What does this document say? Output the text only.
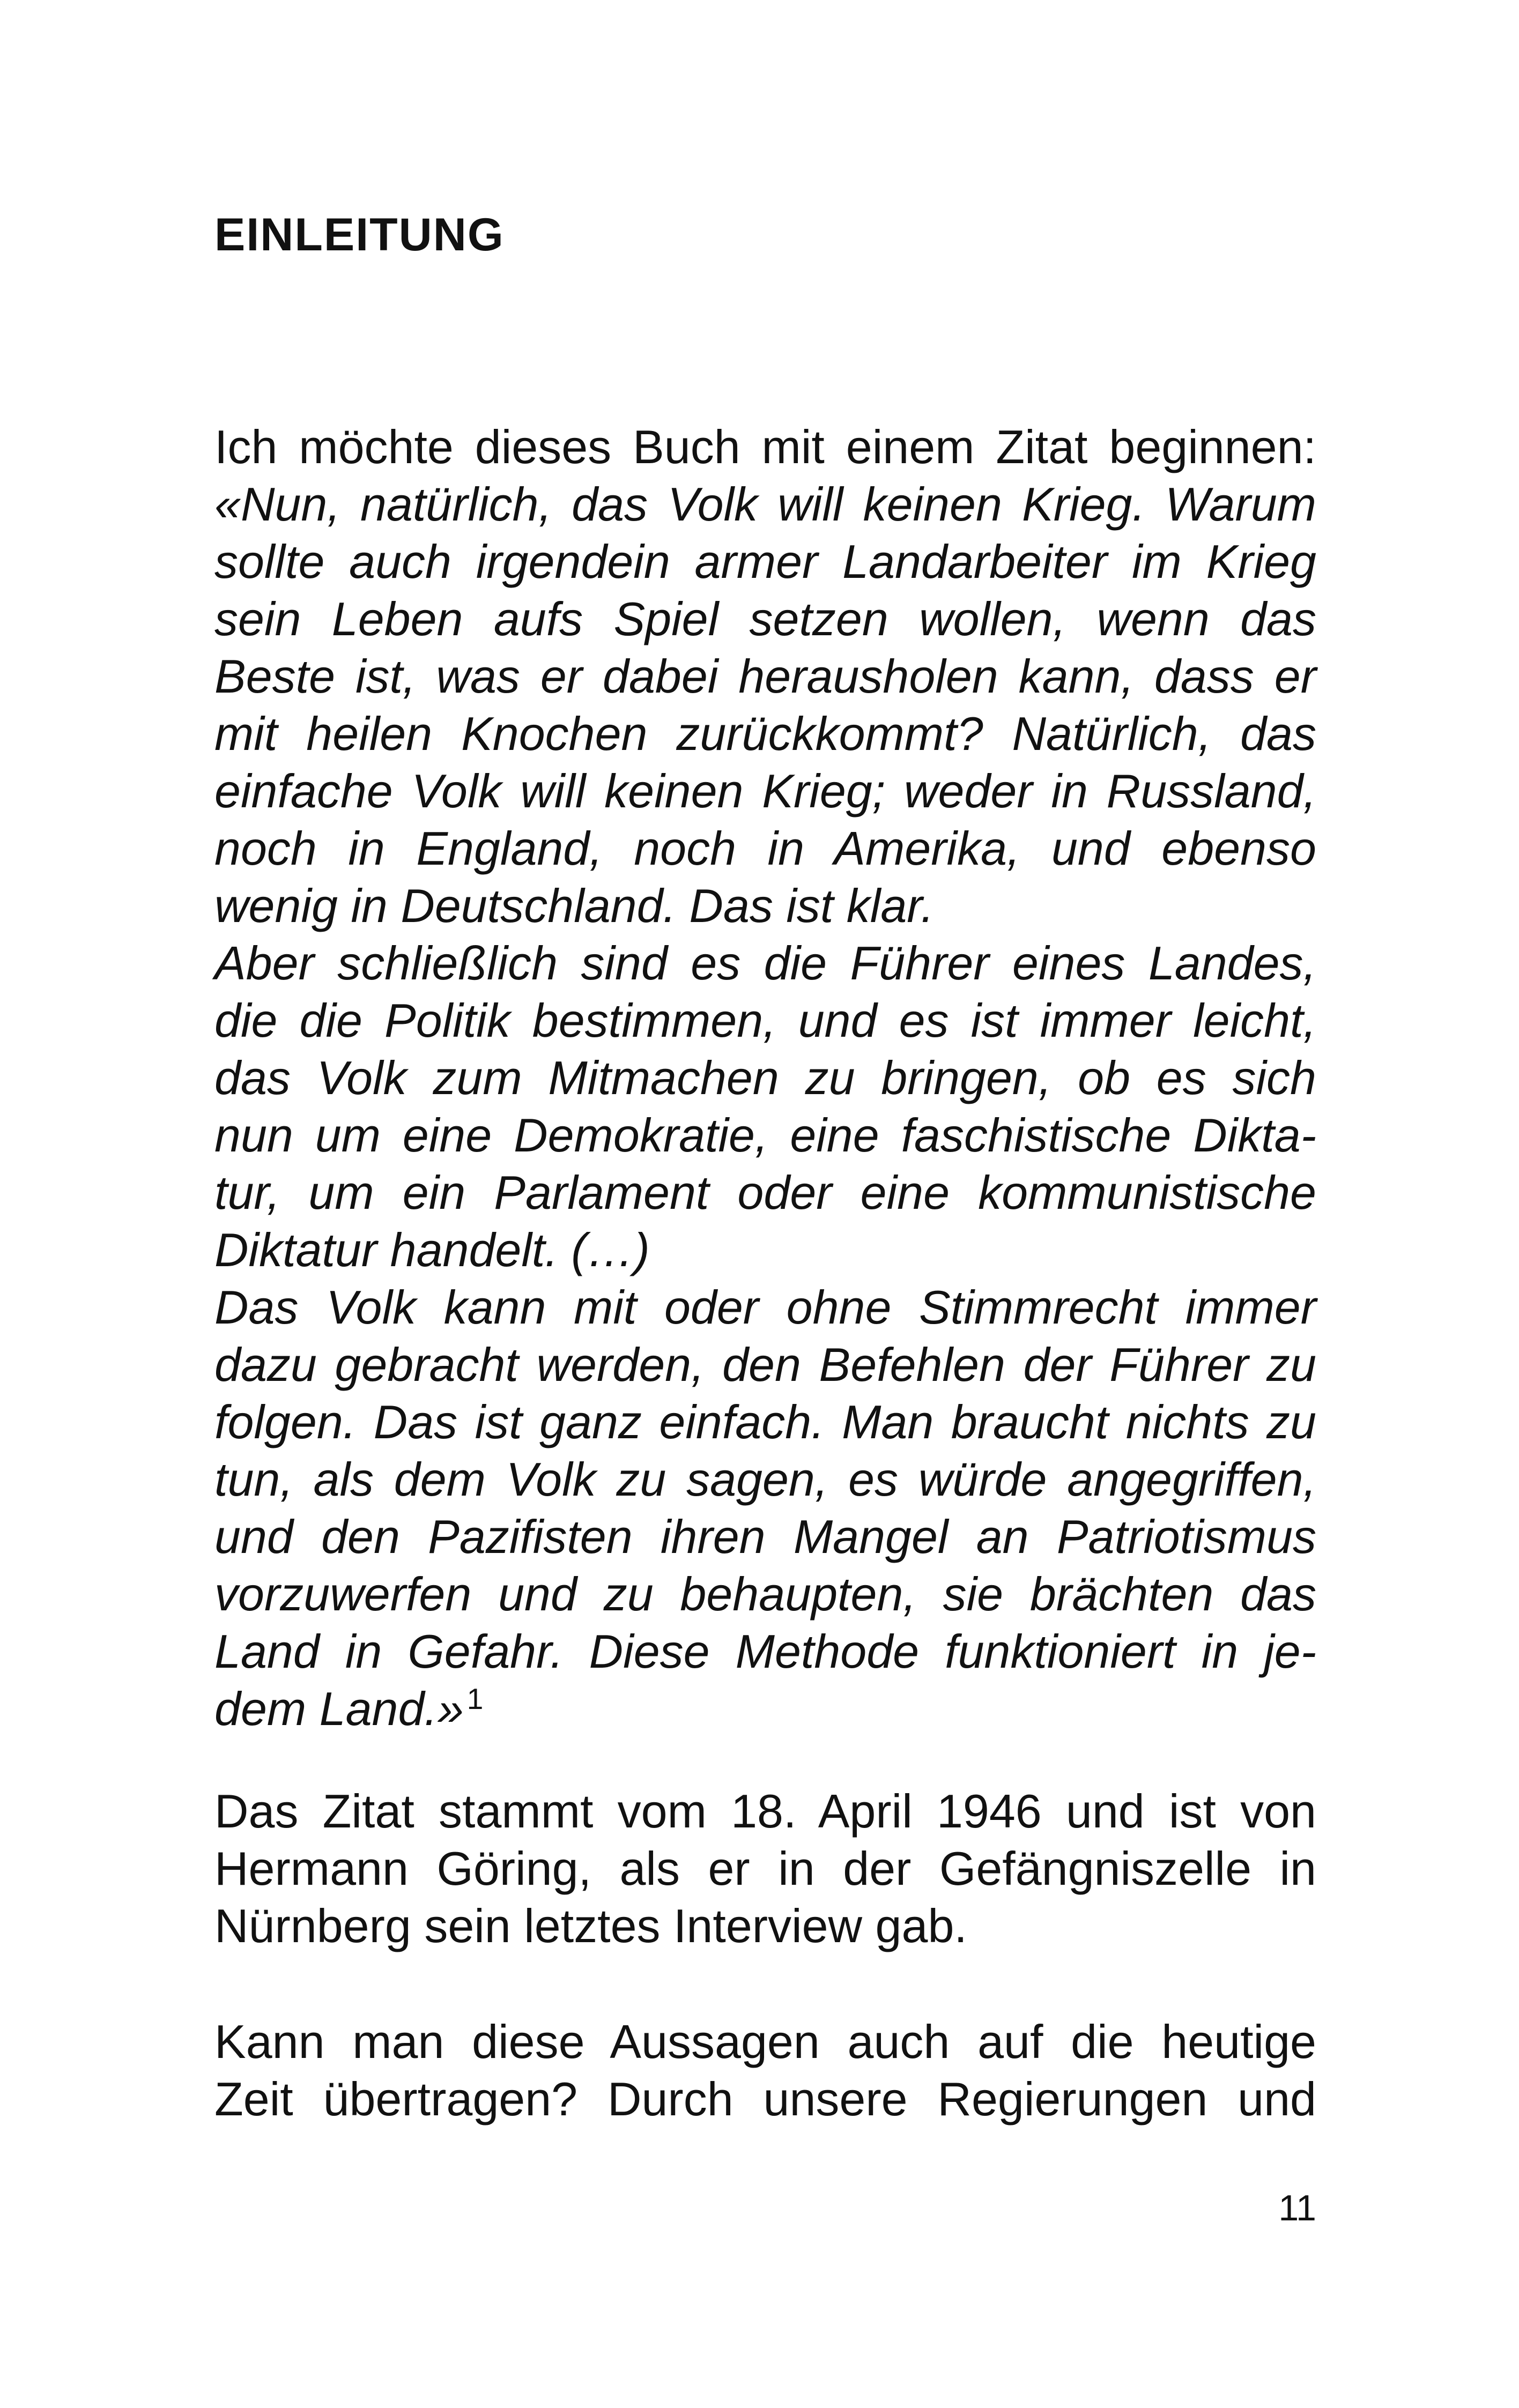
EINLEITUNG
Ich möchte dieses Buch mit einem Zitat beginnen:
«Nun, natürlich, das Volk will keinen Krieg. Warum
sollte auch irgendein armer Landarbeiter im Krieg
sein Leben aufs Spiel setzen wollen, wenn das
Beste ist, was er dabei herausholen kann, dass er
mit heilen Knochen zurückkommt? Natürlich, das
einfache Volk will keinen Krieg; weder in Russland,
noch in England, noch in Amerika, und ebenso
wenig in Deutschland. Das ist klar.
Aber schließlich sind es die Führer eines Landes,
die die Politik bestimmen, und es ist immer leicht,
das Volk zum Mitmachen zu bringen, ob es sich
nun um eine Demokratie, eine faschistische Dikta-
tur, um ein Parlament oder eine kommunistische
Diktatur handelt. (…)
Das Volk kann mit oder ohne Stimmrecht immer
dazu gebracht werden, den Befehlen der Führer zu
folgen. Das ist ganz einfach. Man braucht nichts zu
tun, als dem Volk zu sagen, es würde angegriffen,
und den Pazifisten ihren Mangel an Patriotismus
vorzuwerfen und zu behaupten, sie brächten das
Land in Gefahr. Diese Methode funktioniert in je-
dem Land.» $^1$
Das Zitat stammt vom 18. April 1946 und ist von
Hermann Göring, als er in der Gefängniszelle in
Nürnberg sein letztes Interview gab.
Kann man diese Aussagen auch auf die heutige
Zeit übertragen? Durch unsere Regierungen und
11
